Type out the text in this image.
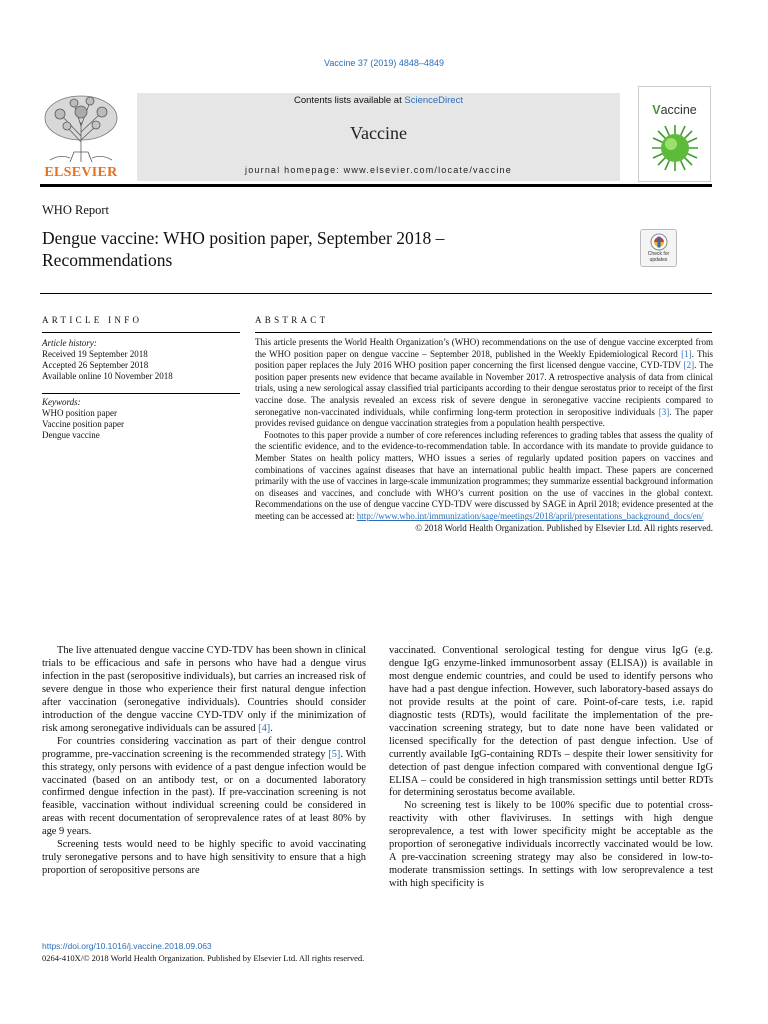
Vaccine 37 (2019) 4848–4849
ELSEVIER
Contents lists available at ScienceDirect
Vaccine
journal homepage: www.elsevier.com/locate/vaccine
Vaccine
WHO Report
Dengue vaccine: WHO position paper, September 2018 – Recommendations	Check for
updates
ARTICLE INFO	ABSTRACT
Article history:
Received 19 September 2018
Accepted 26 September 2018
Available online 10 November 2018
Keywords:
WHO position paper
Vaccine position paper
Dengue vaccine

This article presents the World Health Organization’s (WHO) recommendations on the use of dengue vaccine excerpted from the WHO position paper on dengue vaccine – September 2018, published in the Weekly Epidemiological Record [1]. This position paper replaces the July 2016 WHO position paper concerning the first licensed dengue vaccine, CYD-TDV [2]. The position paper presents new evidence that became available in November 2017. A retrospective analysis of data from clinical trials, using a new serological assay classified trial participants according to their dengue serostatus prior to receipt of the first vaccine dose. The analysis revealed an excess risk of severe dengue in seronegative vaccine recipients compared to seronegative non-vaccinated individuals, while confirming long-term protection in seropositive individuals [3]. The paper provides revised guidance on dengue vaccination strategies from a population health perspective.

Footnotes to this paper provide a number of core references including references to grading tables that assess the quality of the scientific evidence, and to the evidence-to-recommendation table. In accordance with its mandate to provide guidance to Member States on health policy matters, WHO issues a series of regularly updated position papers on vaccines and combinations of vaccines against diseases that have an international public health impact. These papers are concerned primarily with the use of vaccines in large-scale immunization programmes; they summarize essential background information on diseases and vaccines, and conclude with WHO’s current position on the use of vaccines in the global context. Recommendations on the use of dengue vaccine CYD-TDV were discussed by SAGE in April 2018; evidence presented at the meeting can be accessed at: http://www.who.int/immunization/sage/meetings/2018/april/presentations_background_docs/en/

© 2018 World Health Organization. Published by Elsevier Ltd. All rights reserved.

The live attenuated dengue vaccine CYD-TDV has been shown in clinical trials to be efficacious and safe in persons who have had a dengue virus infection in the past (seropositive individuals), but carries an increased risk of severe dengue in those who experience their first natural dengue infection after vaccination (seronegative individuals). Countries should consider introduction of the dengue vaccine CYD-TDV only if the minimization of risk among seronegative individuals can be assured [4].

For countries considering vaccination as part of their dengue control programme, pre-vaccination screening is the recommended strategy [5]. With this strategy, only persons with evidence of a past dengue infection would be vaccinated (based on an antibody test, or on a documented laboratory confirmed dengue infection in the past). If pre-vaccination screening is not feasible, vaccination without individual screening could be considered in areas with recent documentation of seroprevalence rates of at least 80% by age 9 years.

Screening tests would need to be highly specific to avoid vaccinating truly seronegative persons and to have high sensitivity to ensure that a high proportion of seropositive persons are

vaccinated. Conventional serological testing for dengue virus IgG (e.g. dengue IgG enzyme-linked immunosorbent assay (ELISA)) is available in most dengue endemic countries, and could be used to identify persons who have had a past dengue infection. However, such laboratory-based assays do not provide results at the point of care. Point-of-care tests, i.e. rapid diagnostic tests (RDTs), would facilitate the implementation of the pre-vaccination screening strategy, but to date none have been validated or licensed specifically for the detection of past dengue infection. Use of currently available IgG-containing RDTs – despite their lower sensitivity for detection of past dengue infection compared with conventional dengue IgG ELISA – could be considered in high transmission settings until better RDTs for determining serostatus become available.

No screening test is likely to be 100% specific due to potential cross-reactivity with other flaviviruses. In settings with high dengue seroprevalence, a test with lower specificity might be acceptable as the proportion of seronegative individuals incorrectly vaccinated would be low. A pre-vaccination screening strategy may also be considered in low-to-moderate transmission settings. In settings with low seroprevalence a test with high specificity is

https://doi.org/10.1016/j.vaccine.2018.09.063
0264-410X/© 2018 World Health Organization. Published by Elsevier Ltd. All rights reserved.
